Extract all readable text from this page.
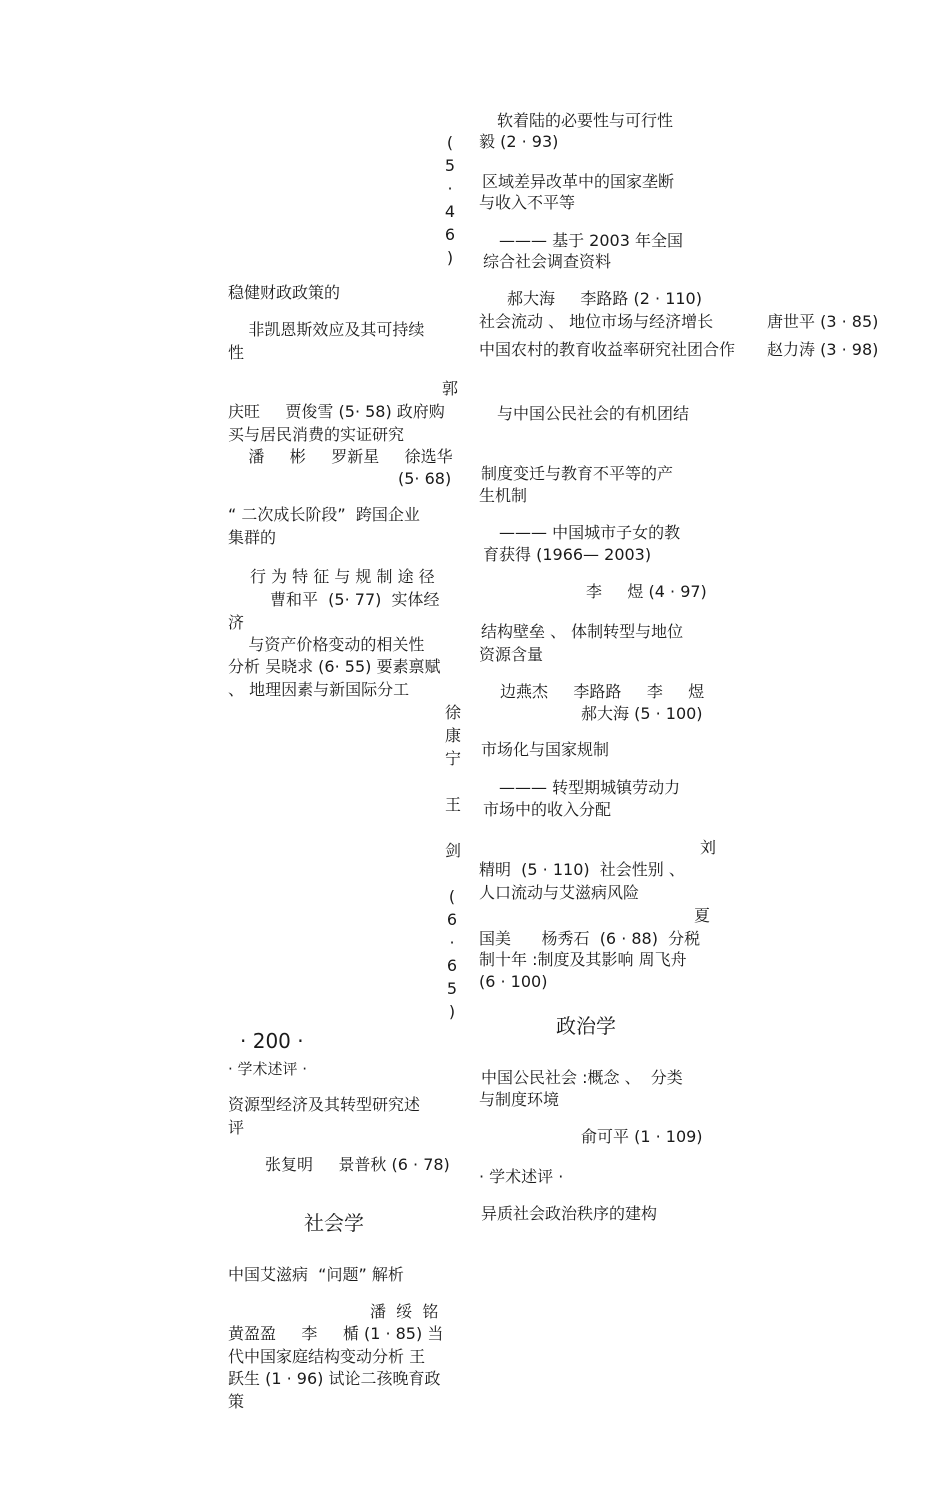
(
5
·
4
6
)
徐
康
宁
王
剑
(
6
·
6
5
)
· 200 ·
· 学术述评 ·
社会学
政治学
稳健财政政策的
非凯恩斯效应及其可持续
性
郭
庆旺     贾俊雪 (5· 58) 政府购
买与居民消费的实证研究
潘     彬     罗新星     徐选华
(5· 68)
“ 二次成长阶段”  跨国企业
集群的
行 为 特 征 与 规 制 途 径
曹和平  (5· 77)  实体经
济
与资产价格变动的相关性
分析 吴晓求 (6· 55) 要素禀赋
、 地理因素与新国际分工
资源型经济及其转型研究述
评
张复明     景普秋 (6 · 78)
中国艾滋病  “问题” 解析
潘  绥  铭
黄盈盈     李     楯 (1 · 85) 当
代中国家庭结构变动分析 王
跃生 (1 · 96) 试论二孩晚育政
策
软着陆的必要性与可行性
毅 (2 · 93)
区域差异改革中的国家垄断
与收入不平等
——— 基于 2003 年全国
综合社会调查资料
郝大海     李路路 (2 · 110)
社会流动 、 地位市场与经济增长	唐世平 (3 · 85)
中国农村的教育收益率研究社团合作 赵力涛 (3 · 98)
与中国公民社会的有机团结
制度变迁与教育不平等的产
生机制
——— 中国城市子女的教
育获得 (1966— 2003)
李     煜 (4 · 97)
结构壁垒 、 体制转型与地位
资源含量
边燕杰     李路路     李     煜
郝大海 (5 · 100)
市场化与国家规制
——— 转型期城镇劳动力
市场中的收入分配
刘
精明  (5 · 110)  社会性别 、
人口流动与艾滋病风险
夏
国美      杨秀石  (6 · 88)  分税
制十年 :制度及其影响 周飞舟
(6 · 100)
中国公民社会 :概念 、  分类
与制度环境
俞可平 (1 · 109)
· 学术述评 ·
异质社会政治秩序的建构
